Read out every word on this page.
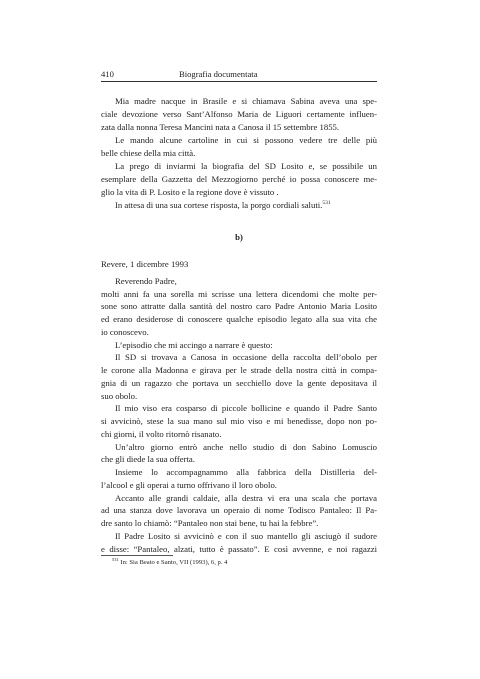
410	Biografia documentata
Mia madre nacque in Brasile e si chiamava Sabina aveva una spe-
ciale devozione verso Sant’Alfonso Maria de Liguori certamente influen-
zata dalla nonna Teresa Mancini nata a Canosa il 15 settembre 1855.
Le mando alcune cartoline in cui si possono vedere tre delle più
belle chiese della mia città.
La prego di inviarmi la biografia del SD Losito e, se possibile un
esemplare della Gazzetta del Mezzogiorno perché io possa conoscere me-
glio la vita di P. Losito e la regione dove è vissuto .
In attesa di una sua cortese risposta, la porgo cordiali saluti.$^{531}$
b)
Revere, 1 dicembre 1993
Reverendo Padre,
molti anni fa una sorella mi scrisse una lettera dicendomi che molte per-
sone sono attratte dalla santità del nostro caro Padre Antonio Maria Losito
ed erano desiderose di conoscere qualche episodio legato alla sua vita che
io conoscevo.
L’episodio che mi accingo a narrare è questo:
Il SD si trovava a Canosa in occasione della raccolta dell’obolo per
le corone alla Madonna e girava per le strade della nostra città in compa-
gnia di un ragazzo che portava un secchiello dove la gente depositava il
suo obolo.
Il mio viso era cosparso di piccole bollicine e quando il Padre Santo
si avvicinò, stese la sua mano sul mio viso e mi benedisse, dopo non po-
chi giorni, il volto ritornò risanato.
Un’altro giorno entrò anche nello studio di don Sabino Lomuscio
che gli diede la sua offerta.
Insieme lo accompagnammo alla fabbrica della Distilleria del-
l’alcool e gli operai a turno offrivano il loro obolo.
Accanto alle grandi caldaie, alla destra vi era una scala che portava
ad una stanza dove lavorava un operaio di nome Todisco Pantaleo: Il Pa-
dre santo lo chiamò: “Pantaleo non stai bene, tu hai la febbre”.
Il Padre Losito si avvicinò e con il suo mantello gli asciugò il sudore
e disse: “Pantaleo, alzati, tutto è passato”. E così avvenne, e noi ragazzi
$^{531}$ In: Sia Beato e Santo, VII (1993), 6, p. 4
